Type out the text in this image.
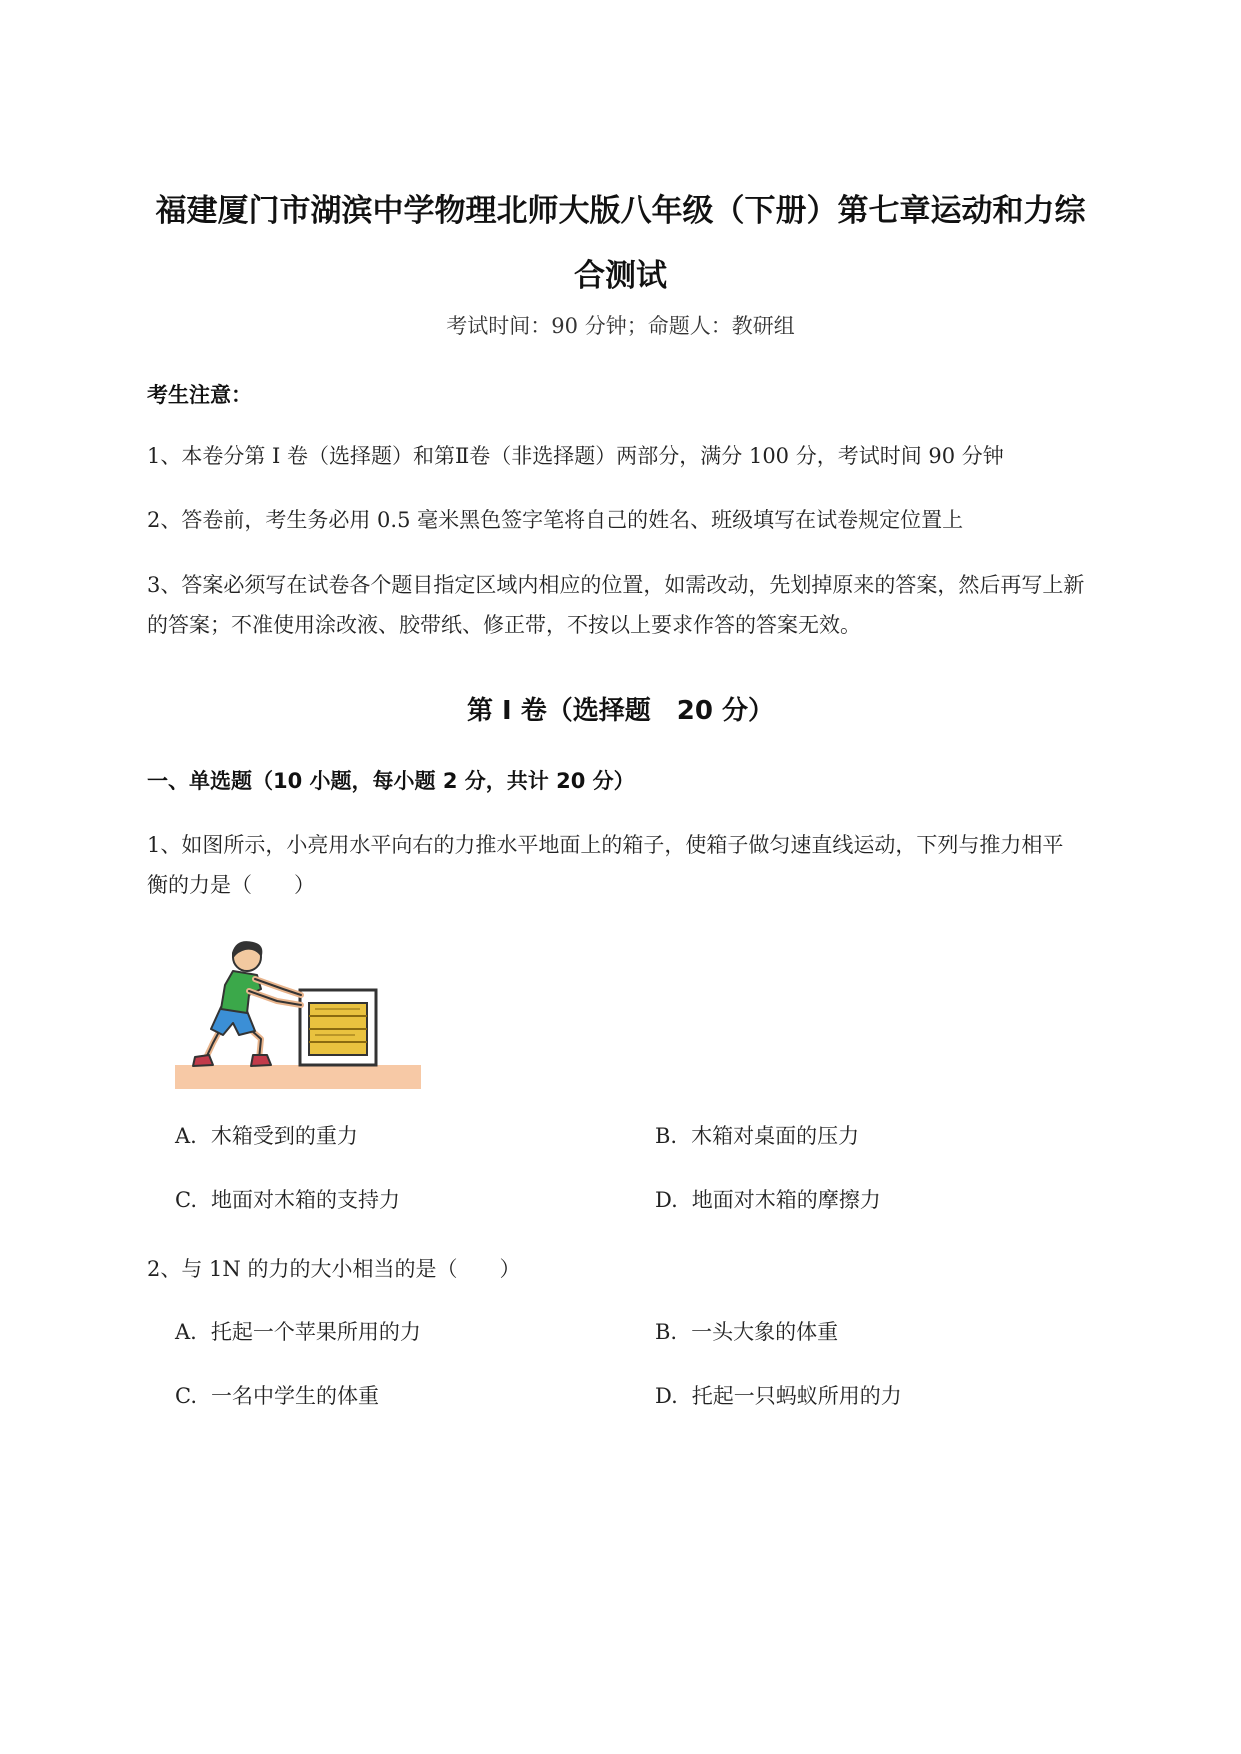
福建厦门市湖滨中学物理北师大版八年级（下册）第七章运动和力综
合测试
考试时间：90 分钟；命题人：教研组
考生注意：
1、本卷分第 I 卷（选择题）和第Ⅱ卷（非选择题）两部分，满分 100 分，考试时间 90 分钟
2、答卷前，考生务必用 0.5 毫米黑色签字笔将自己的姓名、班级填写在试卷规定位置上
3、答案必须写在试卷各个题目指定区域内相应的位置，如需改动，先划掉原来的答案，然后再写上新
的答案；不准使用涂改液、胶带纸、修正带，不按以上要求作答的答案无效。
第 I 卷（选择题　20 分）
一、单选题（10 小题，每小题 2 分，共计 20 分）
1、如图所示，小亮用水平向右的力推水平地面上的箱子，使箱子做匀速直线运动，下列与推力相平
衡的力是（　　）
A. 木箱受到的重力	B. 木箱对桌面的压力
C. 地面对木箱的支持力	D. 地面对木箱的摩擦力
2、与 1N 的力的大小相当的是（　　）
A. 托起一个苹果所用的力	B. 一头大象的体重
C. 一名中学生的体重	D. 托起一只蚂蚁所用的力
